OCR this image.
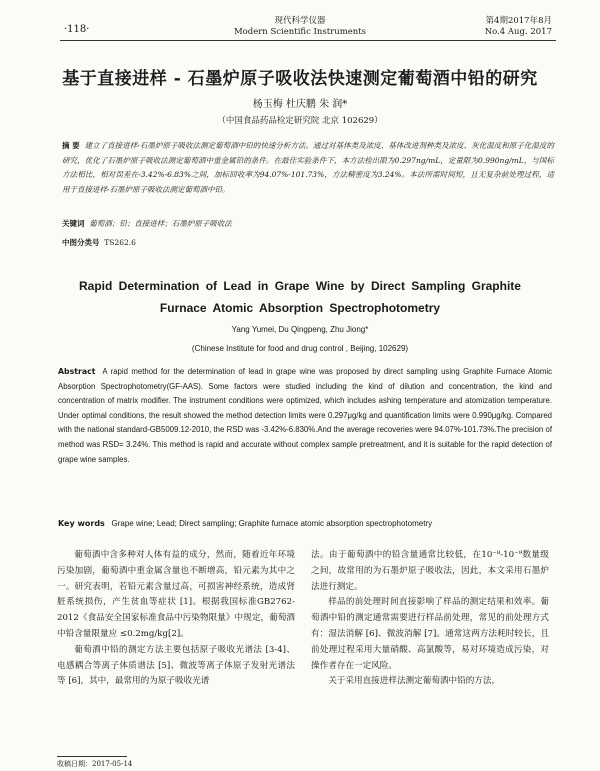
·118·
现代科学仪器
Modern Scientific Instruments
第4期2017年8月
No.4 Aug. 2017
基于直接进样 - 石墨炉原子吸收法快速测定葡萄酒中铅的研究
杨玉梅 杜庆鹏 朱 润*
（中国食品药品检定研究院 北京 102629）
摘 要 建立了直接进样-石墨炉原子吸收法测定葡萄酒中铅的快速分析方法。通过对基体类及浓度、基体改进剂种类及浓度、灰化温度和原子化温度的研究，优化了石墨炉原子吸收法测定葡萄酒中重金属铅的条件。在最佳实验条件下，本方法检出限为0.297ng/mL，定量限为0.990ng/mL，与国标方法相比，相对误差在-3.42%-6.83%之间，加标回收率为94.07%-101.73%，方法精密度为3.24%。本法所需时间短，且无复杂前处理过程，适用于直接进样-石墨炉原子吸收法测定葡萄酒中铅。
关键词 葡萄酒；铅；直接进样；石墨炉原子吸收法
中图分类号 TS262.6
Rapid Determination of Lead in Grape Wine by Direct Sampling Graphite
Furnace Atomic Absorption Spectrophotometry
Yang Yumei, Du Qingpeng, Zhu Jiong*
(Chinese Institute for food and drug control , Beijing, 102629)
Abstract A rapid method for the determination of lead in grape wine was proposed by direct sampling using Graphite Furnace Atomic Absorption Spectrophotometry(GF-AAS). Some factors were studied including the kind of dilution and concentration, the kind and concentration of matrix modifier. The instrument conditions were optimized, which includes ashing temperature and atomization temperature. Under optimal conditions, the result showed the method detection limits were 0.297μg/kg and quantification limits were 0.990μg/kg. Compared with the national standard-GB5009.12-2010, the RSD was -3.42%-6.830%.And the average recoveries were 94.07%-101.73%.The precision of method was RSD= 3.24%. This method is rapid and accurate without complex sample pretreatment, and it is suitable for the rapid detection of grape wine samples.
Key words Grape wine; Lead; Direct sampling; Graphite furnace atomic absorption spectrophotometry

葡萄酒中含多种对人体有益的成分，然而，随着近年环境污染加剧，葡萄酒中重金属含量也不断增高，铅元素为其中之一。研究表明，若铅元素含量过高，可损害神经系统，造成肾脏系统损伤，产生贫血等症状 [1]。根据我国标准GB2762-2012《食品安全国家标准食品中污染物限量》中规定，葡萄酒中铅含量限量应 ≤0.2mg/kg[2]。

葡萄酒中铅的测定方法主要包括原子吸收光谱法 [3-4]、电感耦合等离子体质谱法 [5]、微波等离子体原子发射光谱法等 [6]，其中，最常用的为原子吸收光谱

法。由于葡萄酒中的铅含量通常比较低，在10⁻⁸-10⁻⁹数量级之间，故常用的为石墨炉原子吸收法，因此，本文采用石墨炉法进行测定。

样品的前处理时间直接影响了样品的测定结果和效率。葡萄酒中铅的测定通常需要进行样品前处理，常见的前处理方式有：湿法消解 [6]、微波消解 [7]。通常这两方法耗时较长，且前处理过程采用大量硝酸、高氯酸等，易对环境造成污染，对操作者存在一定风险。

关于采用直接进样法测定葡萄酒中铅的方法，

收稿日期：2017-05-14
